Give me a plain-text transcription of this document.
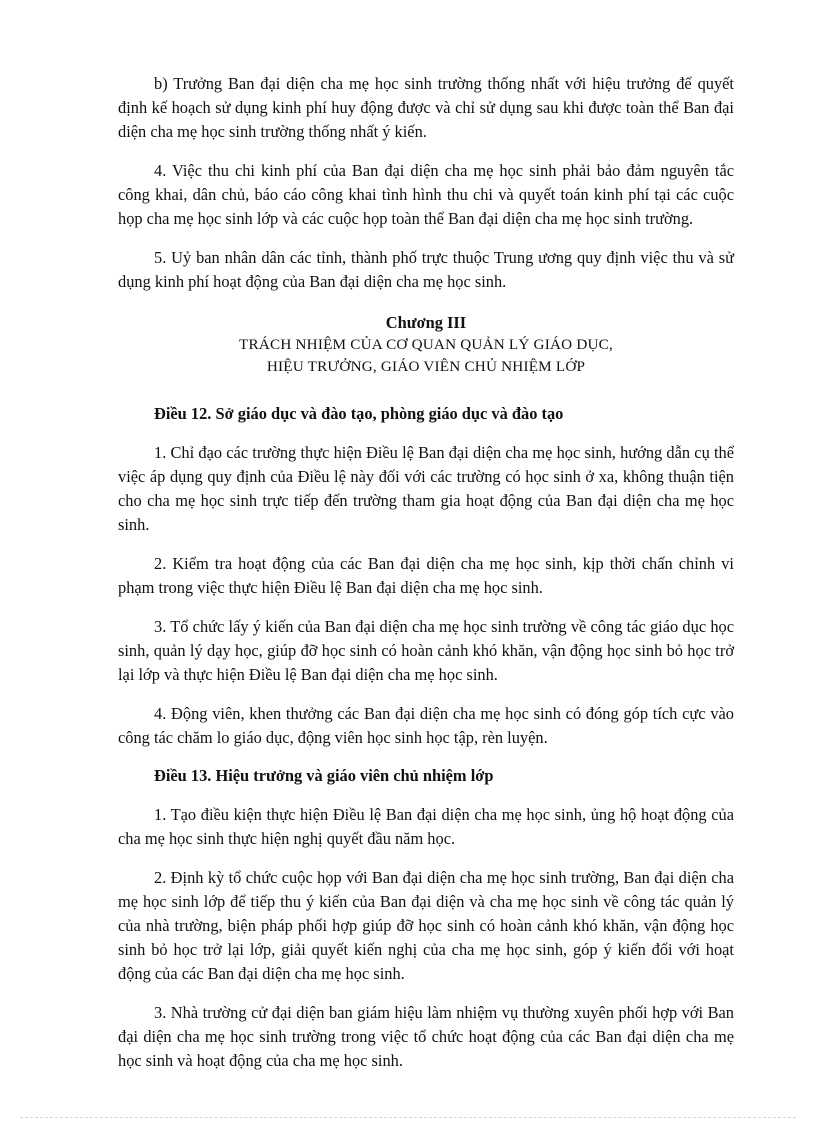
b) Trưởng Ban đại diện cha mẹ học sinh trường thống nhất với hiệu trưởng để quyết định kế hoạch sử dụng kinh phí huy động được và chỉ sử dụng sau khi được toàn thể Ban đại diện cha mẹ học sinh trường thống nhất ý kiến.

4. Việc thu chi kinh phí của Ban đại diện cha mẹ học sinh phải bảo đảm nguyên tắc công khai, dân chủ, báo cáo công khai tình hình thu chi và quyết toán kinh phí tại các cuộc họp cha mẹ học sinh lớp và các cuộc họp toàn thể Ban đại diện cha mẹ học sinh trường.

5. Uỷ ban nhân dân các tỉnh, thành phố trực thuộc Trung ương quy định việc thu và sử dụng kinh phí hoạt động của Ban đại diện cha mẹ học sinh.

Chương III
TRÁCH NHIỆM CỦA CƠ QUAN QUẢN LÝ GIÁO DỤC,
HIỆU TRƯỞNG, GIÁO VIÊN CHỦ NHIỆM LỚP

Điều 12. Sở giáo dục và đào tạo, phòng giáo dục và đào tạo

1. Chỉ đạo các trường thực hiện Điều lệ Ban đại diện cha mẹ học sinh, hướng dẫn cụ thể việc áp dụng quy định của Điều lệ này đối với các trường có học sinh ở xa, không thuận tiện cho cha mẹ học sinh trực tiếp đến trường tham gia hoạt động của Ban đại diện cha mẹ học sinh.

2. Kiểm tra hoạt động của các Ban đại diện cha mẹ học sinh, kịp thời chấn chỉnh vi phạm trong việc thực hiện Điều lệ Ban đại diện cha mẹ học sinh.

3. Tổ chức lấy ý kiến của Ban đại diện cha mẹ học sinh trường về công tác giáo dục học sinh, quản lý dạy học, giúp đỡ học sinh có hoàn cảnh khó khăn, vận động học sinh bỏ học trở lại lớp và thực hiện Điều lệ Ban đại diện cha mẹ học sinh.

4. Động viên, khen thưởng các Ban đại diện cha mẹ học sinh có đóng góp tích cực vào công tác chăm lo giáo dục, động viên học sinh học tập, rèn luyện.

Điều 13. Hiệu trưởng và giáo viên chủ nhiệm lớp

1. Tạo điều kiện thực hiện Điều lệ Ban đại diện cha mẹ học sinh, ủng hộ hoạt động của cha mẹ học sinh thực hiện nghị quyết đầu năm học.

2. Định kỳ tổ chức cuộc họp với Ban đại diện cha mẹ học sinh trường, Ban đại diện cha mẹ học sinh lớp để tiếp thu ý kiến của Ban đại diện và cha mẹ học sinh về công tác quản lý của nhà trường, biện pháp phối hợp giúp đỡ học sinh có hoàn cảnh khó khăn, vận động học sinh bỏ học trở lại lớp, giải quyết kiến nghị của cha mẹ học sinh, góp ý kiến đối với hoạt động của các Ban đại diện cha mẹ học sinh.

3. Nhà trường cử đại diện ban giám hiệu làm nhiệm vụ thường xuyên phối hợp với Ban đại diện cha mẹ học sinh trường trong việc tổ chức hoạt động của các Ban đại diện cha mẹ học sinh và hoạt động của cha mẹ học sinh.
